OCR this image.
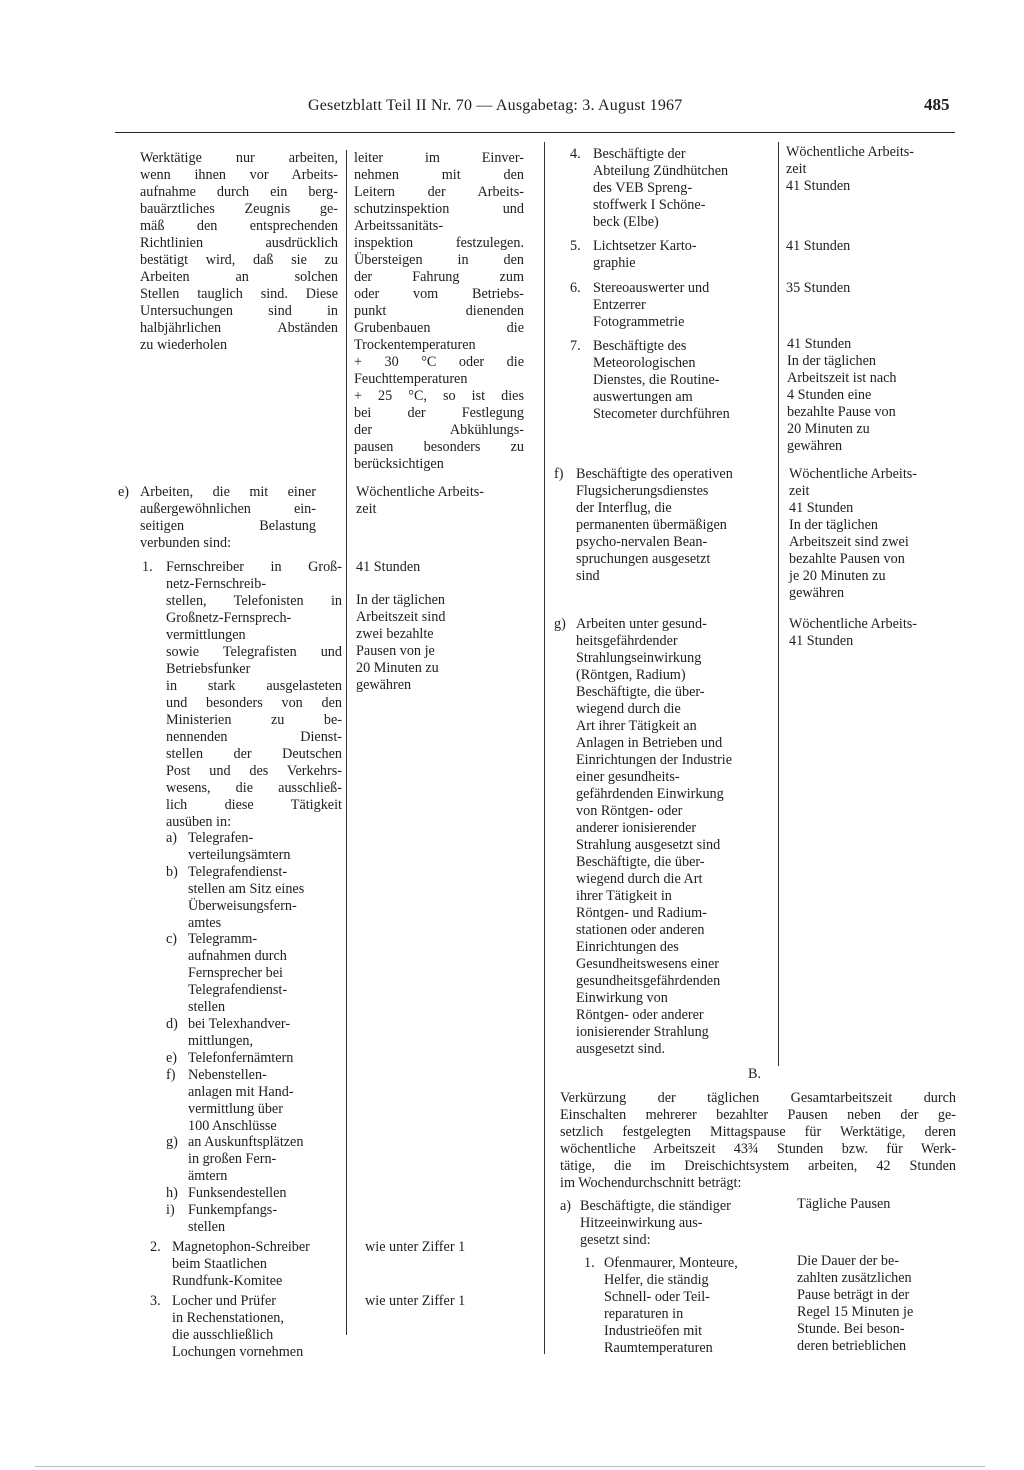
Gesetzblatt Teil II Nr. 70 — Ausgabetag: 3. August 1967	485
Werktätige nur arbeiten,
wenn ihnen vor Arbeits-
aufnahme durch ein berg-
bauärztliches Zeugnis ge-
mäß den entsprechenden
Richtlinien ausdrücklich
bestätigt wird, daß sie zu
Arbeiten an solchen
Stellen tauglich sind. Diese
Untersuchungen sind in
halbjährlichen Abständen
zu wiederholen
leiter im Einver-
nehmen mit den
Leitern der Arbeits-
schutzinspektion und
Arbeitssanitäts-
inspektion festzulegen.
Übersteigen in den
der Fahrung zum
oder vom Betriebs-
punkt dienenden
Grubenbauen die
Trockentemperaturen
+ 30 °C oder die
Feuchttemperaturen
+ 25 °C, so ist dies
bei der Festlegung
der Abkühlungs-
pausen besonders zu
berücksichtigen
e) Arbeiten, die mit einer
außergewöhnlichen ein-
seitigen Belastung
verbunden sind:
Wöchentliche Arbeits-
zeit
1. Fernschreiber in Groß-
netz-Fernschreib-
stellen, Telefonisten in
Großnetz-Fernsprech-
vermittlungen
sowie Telegrafisten und
Betriebsfunker
in stark ausgelasteten
und besonders von den
Ministerien zu be-
nennenden Dienst-
stellen der Deutschen
Post und des Verkehrs-
wesens, die ausschließ-
lich diese Tätigkeit
ausüben in:
41 Stunden
In der täglichen
Arbeitszeit sind
zwei bezahlte
Pausen von je
20 Minuten zu
gewähren
a) Telegrafen-
verteilungsämtern
b) Telegrafendienst-
stellen am Sitz eines
Überweisungsfern-
amtes
c) Telegramm-
aufnahmen durch
Fernsprecher bei
Telegrafendienst-
stellen
d) bei Telexhandver-
mittlungen,
e) Telefonfernämtern
f) Nebenstellen-
anlagen mit Hand-
vermittlung über
100 Anschlüsse
g) an Auskunftsplätzen
in großen Fern-
ämtern
h) Funksendestellen
i) Funkempfangs-
stellen
2. Magnetophon-Schreiber
beim Staatlichen
Rundfunk-Komitee
wie unter Ziffer 1
3. Locher und Prüfer
in Rechenstationen,
die ausschließlich
Lochungen vornehmen
wie unter Ziffer 1
4. Beschäftigte der
Abteilung Zündhütchen
des VEB Spreng-
stoffwerk I Schöne-
beck (Elbe)
Wöchentliche Arbeits-
zeit
41 Stunden
5. Lichtsetzer Karto-
graphie
41 Stunden
6. Stereoauswerter und
Entzerrer
Fotogrammetrie
35 Stunden
7. Beschäftigte des
Meteorologischen
Dienstes, die Routine-
auswertungen am
Stecometer durchführen
41 Stunden
In der täglichen
Arbeitszeit ist nach
4 Stunden eine
bezahlte Pause von
20 Minuten zu
gewähren
f) Beschäftigte des operativen
Flugsicherungsdienstes
der Interflug, die
permanenten übermäßigen
psycho-nervalen Bean-
spruchungen ausgesetzt
sind
Wöchentliche Arbeits-
zeit
41 Stunden
In der täglichen
Arbeitszeit sind zwei
bezahlte Pausen von
je 20 Minuten zu
gewähren
g) Arbeiten unter gesund-
heitsgefährdender
Strahlungseinwirkung
(Röntgen, Radium)
Beschäftigte, die über-
wiegend durch die
Art ihrer Tätigkeit an
Anlagen in Betrieben und
Einrichtungen der Industrie
einer gesundheits-
gefährdenden Einwirkung
von Röntgen- oder
anderer ionisierender
Strahlung ausgesetzt sind
Beschäftigte, die über-
wiegend durch die Art
ihrer Tätigkeit in
Röntgen- und Radium-
stationen oder anderen
Einrichtungen des
Gesundheitswesens einer
gesundheitsgefährdenden
Einwirkung von
Röntgen- oder anderer
ionisierender Strahlung
ausgesetzt sind.
Wöchentliche Arbeits-
41 Stunden
B.
Verkürzung der täglichen Gesamtarbeitszeit durch
Einschalten mehrerer bezahlter Pausen neben der ge-
setzlich festgelegten Mittagspause für Werktätige, deren
wöchentliche Arbeitszeit 43¾ Stunden bzw. für Werk-
tätige, die im Dreischichtsystem arbeiten, 42 Stunden
im Wochendurchschnitt beträgt:
a) Beschäftigte, die ständiger
Hitzeeinwirkung aus-
gesetzt sind:
Tägliche Pausen
1. Ofenmaurer, Monteure,
Helfer, die ständig
Schnell- oder Teil-
reparaturen in
Industrieöfen mit
Raumtemperaturen
Die Dauer der be-
zahlten zusätzlichen
Pause beträgt in der
Regel 15 Minuten je
Stunde. Bei beson-
deren betrieblichen
